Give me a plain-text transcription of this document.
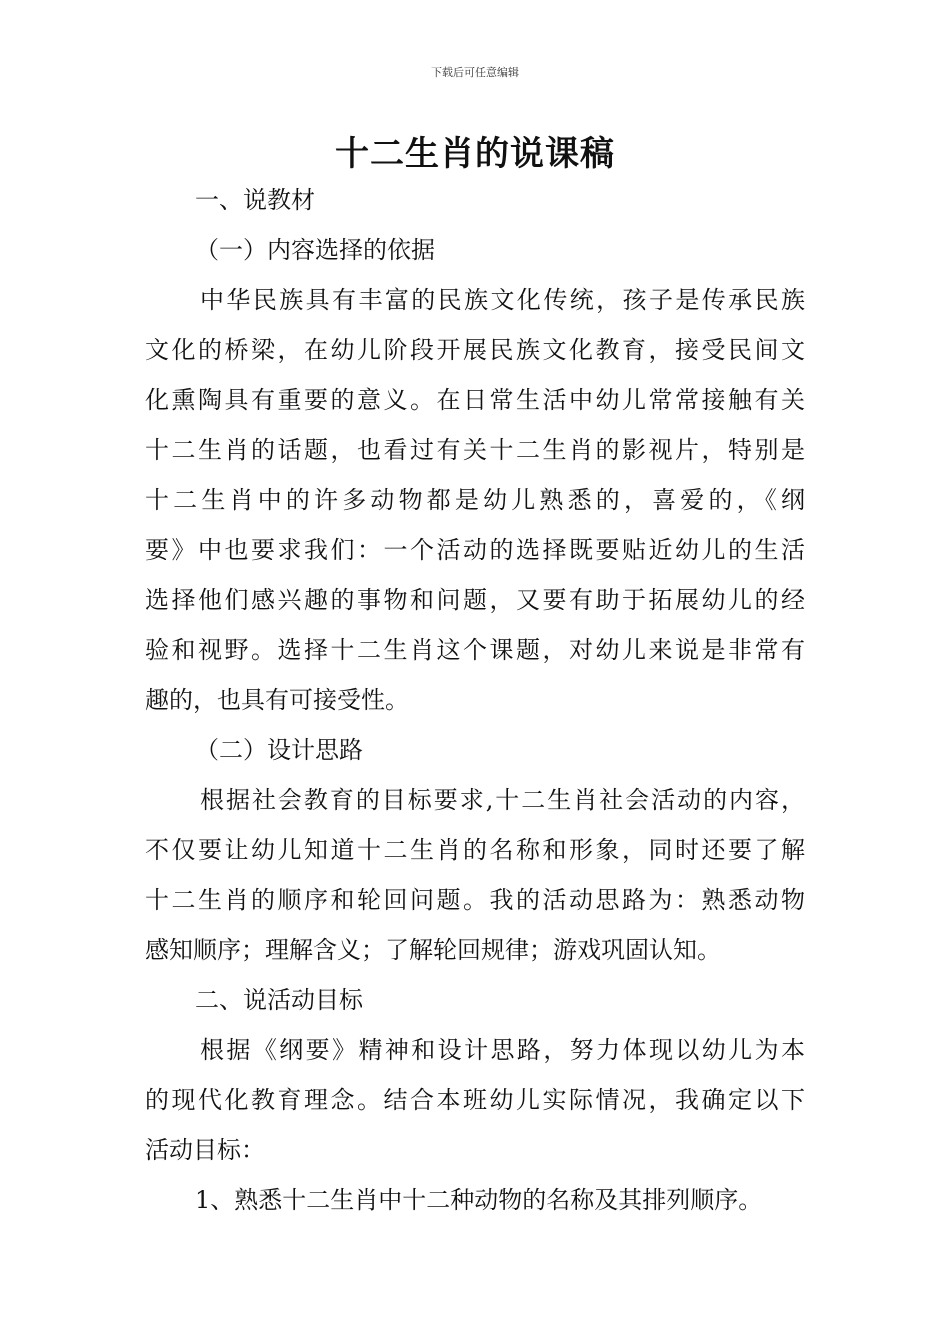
下载后可任意编辑
十二生肖的说课稿
一、说教材
（一）内容选择的依据
中华民族具有丰富的民族文化传统，孩子是传承民族
文化的桥梁，在幼儿阶段开展民族文化教育，接受民间文
化熏陶具有重要的意义。在日常生活中幼儿常常接触有关
十二生肖的话题，也看过有关十二生肖的影视片，特别是
十二生肖中的许多动物都是幼儿熟悉的，喜爱的，《纲
要》中也要求我们：一个活动的选择既要贴近幼儿的生活
选择他们感兴趣的事物和问题，又要有助于拓展幼儿的经
验和视野。选择十二生肖这个课题，对幼儿来说是非常有
趣的，也具有可接受性。
（二）设计思路
根据社会教育的目标要求,十二生肖社会活动的内容，
不仅要让幼儿知道十二生肖的名称和形象，同时还要了解
十二生肖的顺序和轮回问题。我的活动思路为：熟悉动物
感知顺序；理解含义；了解轮回规律；游戏巩固认知。
二、说活动目标
根据《纲要》精神和设计思路，努力体现以幼儿为本
的现代化教育理念。结合本班幼儿实际情况，我确定以下
活动目标：
1、熟悉十二生肖中十二种动物的名称及其排列顺序。
